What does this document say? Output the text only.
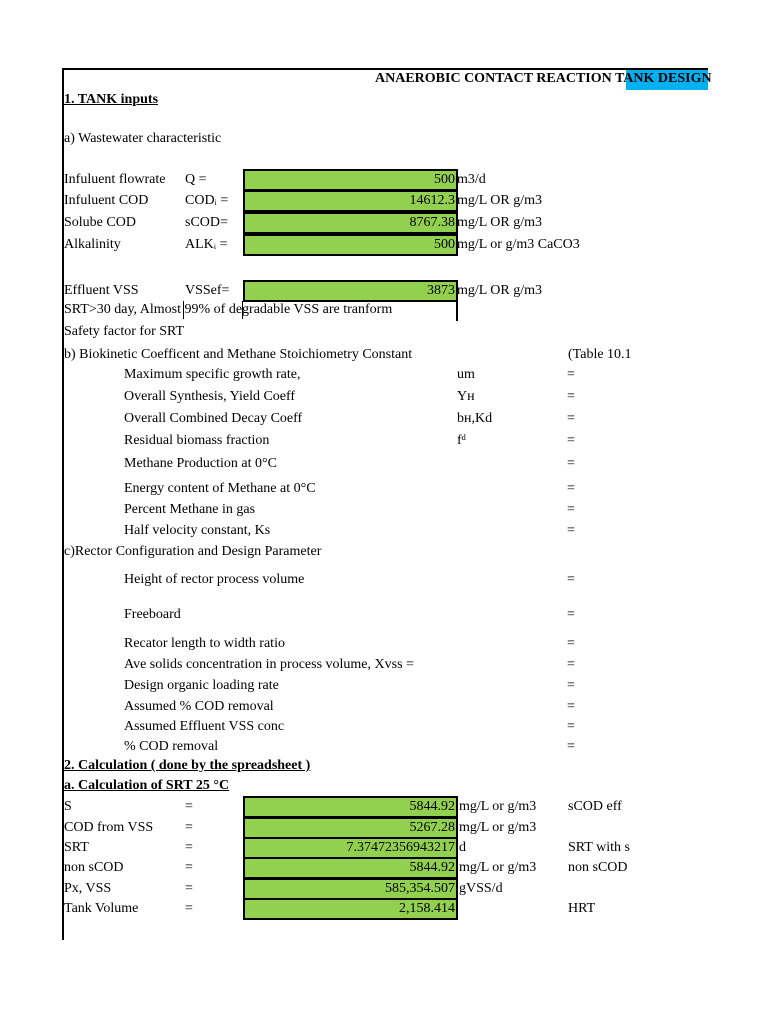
ANAEROBIC CONTACT REACTION TANK DESIGN
1. TANK inputs
a) Wastewater characteristic
Infuluent flowrate Q =	500 m3/d
Infuluent COD	CODᵢ =	14612.3 mg/L OR g/m3
Solube COD	sCOD=	8767.38 mg/L OR g/m3
Alkalinity	ALKᵢ =	500 mg/L or g/m3 CaCO3
Effluent VSS	VSSef=	3873 mg/L OR g/m3
SRT>30 day, Almost 99% of degradable VSS are tranform
Safety factor for SRT
b) Biokinetic Coefficent and Methane Stoichiometry Constant	(Table 10.1
Maximum specific growth rate,	um	=
Overall Synthesis, Yield Coeff	Yʜ	=
Overall Combined Decay Coeff	bʜ,Kd	=
Residual biomass fraction	fᵈ	=
Methane Production at 0°C	=
Energy content of Methane at 0°C	=
Percent Methane in gas	=
Half velocity constant, Ks	=
c)Rector Configuration and Design Parameter
Height of rector process volume	=
Freeboard	=
Recator length to width ratio	=
Ave solids concentration in process volume, Xvss =	=
Design organic loading rate	=
Assumed % COD removal	=
Assumed Effluent VSS conc	=
% COD removal	=
2. Calculation ( done by the spreadsheet )
a. Calculation of SRT 25 °C
S	=	5844.92 mg/L or g/m3 sCOD eff
COD from VSS =	5267.28 mg/L or g/m3
SRT	=	7.37472356943217 d	SRT with s
non sCOD	=	5844.92 mg/L or g/m3 non sCOD
Px, VSS	=	585,354.507 gVSS/d
Tank Volume	=	2,158.414	HRT
